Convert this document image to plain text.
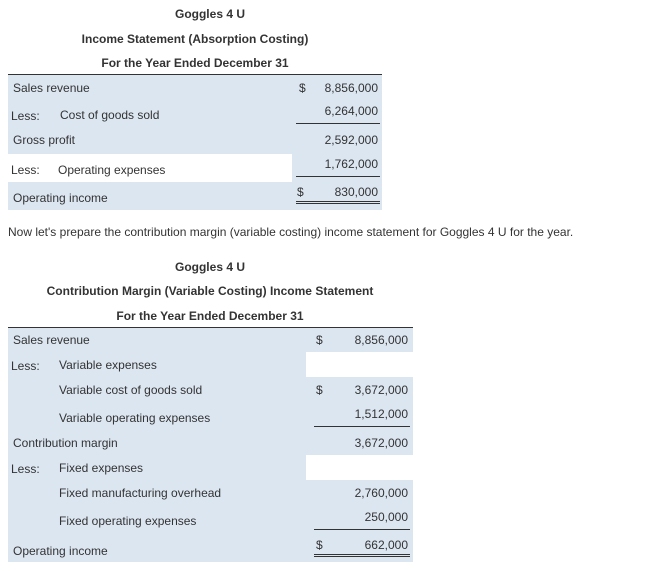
Goggles 4 U
Income Statement (Absorption Costing)
For the Year Ended December 31
Sales revenue	$	8,856,000
Less: Cost of goods sold	6,264,000
Gross profit	2,592,000
Less: Operating expenses	1,762,000
Operating income	$	830,000
Now let's prepare the contribution margin (variable costing) income statement for Goggles 4 U for the year.
Goggles 4 U
Contribution Margin (Variable Costing) Income Statement
For the Year Ended December 31
Sales revenue	$	8,856,000
Less: Variable expenses
Variable cost of goods sold	$	3,672,000
Variable operating expenses	1,512,000
Contribution margin	3,672,000
Less: Fixed expenses
Fixed manufacturing overhead	2,760,000
Fixed operating expenses	250,000
Operating income	$	662,000
